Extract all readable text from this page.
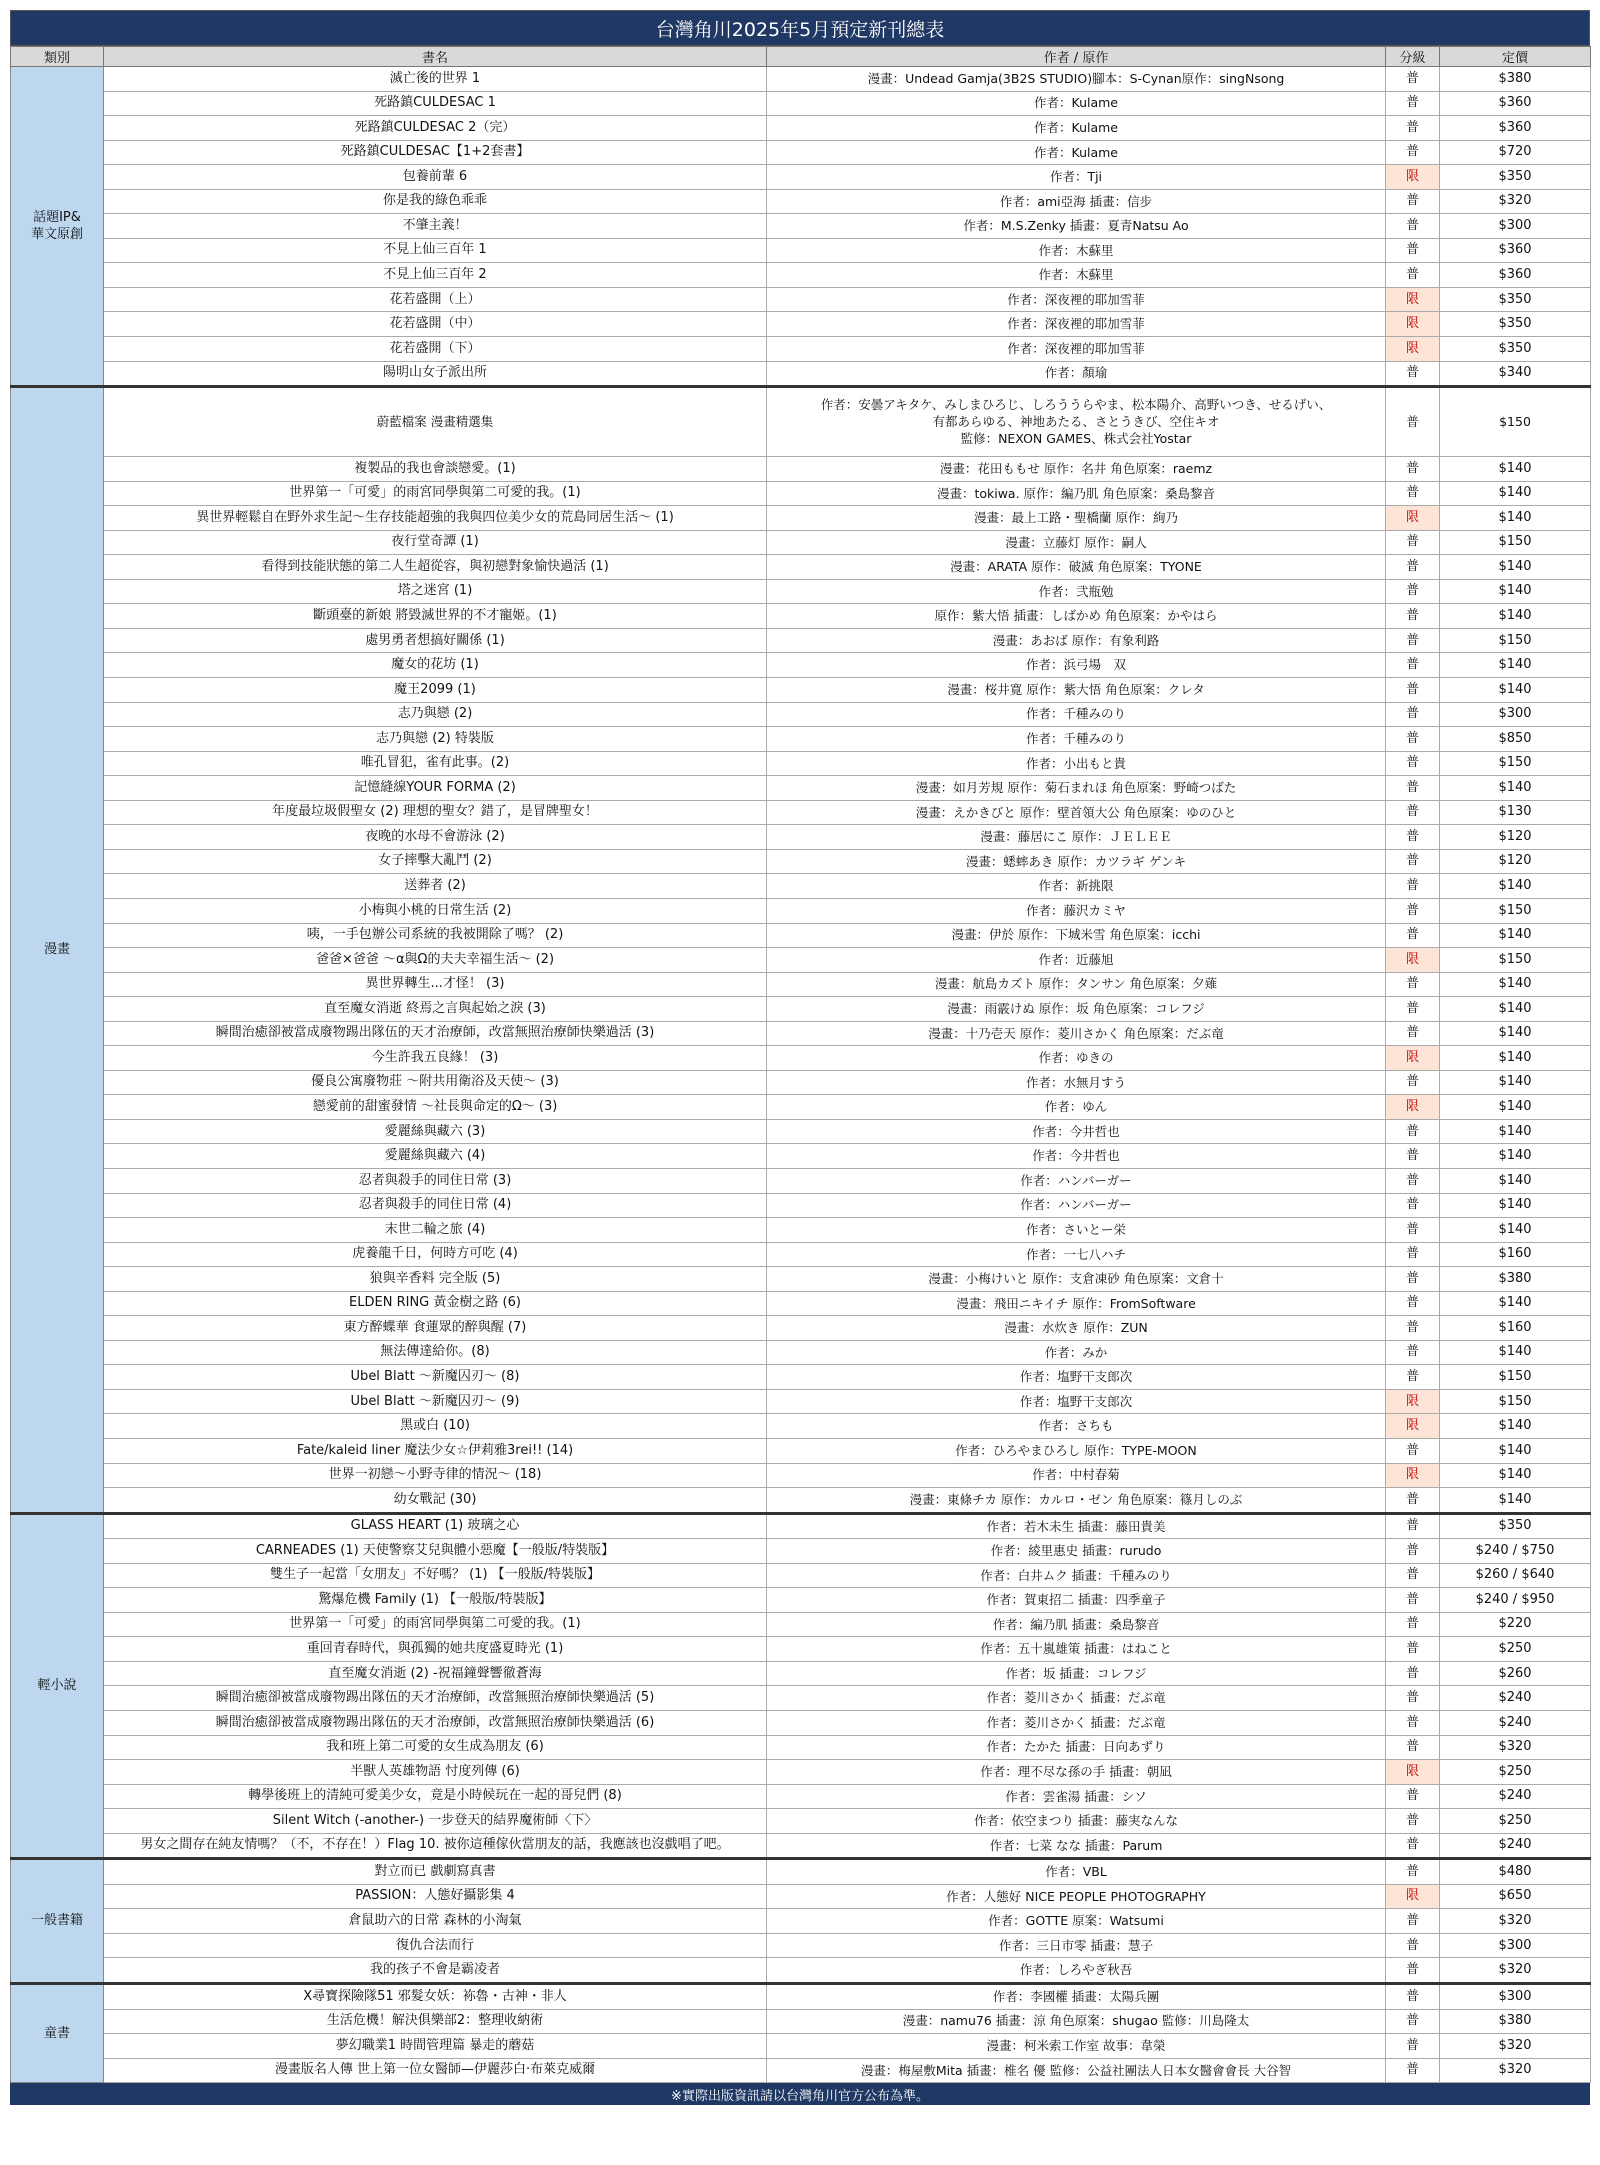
台灣角川2025年5月預定新刊總表
類別	書名	作者 / 原作	分級	定價
話題IP&
華文原創	滅亡後的世界 1	漫畫：Undead Gamja(3B2S STUDIO)腳本：S-Cynan原作：singNsong	普	$380
	死路鎮CULDESAC 1	作者：Kulame	普	$360
	死路鎮CULDESAC 2（完）	作者：Kulame	普	$360
	死路鎮CULDESAC【1+2套書】	作者：Kulame	普	$720
	包養前輩 6	作者：Tji	限	$350
	你是我的綠色乖乖	作者：ami亞海 插畫：信步	普	$320
	不肇主義！	作者：M.S.Zenky 插畫：夏青Natsu Ao	普	$300
	不見上仙三百年 1	作者：木蘇里	普	$360
	不見上仙三百年 2	作者：木蘇里	普	$360
	花若盛開（上）	作者：深夜裡的耶加雪菲	限	$350
	花若盛開（中）	作者：深夜裡的耶加雪菲	限	$350
	花若盛開（下）	作者：深夜裡的耶加雪菲	限	$350
	陽明山女子派出所	作者：顏瑜	普	$340
漫畫	蔚藍檔案 漫畫精選集	作者：安曇アキタケ、みしまひろじ、しろううらやま、松本陽介、高野いつき、せるげい、
有都あらゆる、神地あたる、さとうきび、空住キオ
監修：NEXON GAMES、株式会社Yostar	普	$150
	複製品的我也會談戀愛。(1)	漫畫：花田ももせ 原作：名井 角色原案：raemz	普	$140
	世界第一「可愛」的雨宮同學與第二可愛的我。(1)	漫畫：tokiwa. 原作：編乃肌 角色原案：桑島黎音	普	$140
	異世界輕鬆自在野外求生記～生存技能超強的我與四位美少女的荒島同居生活～ (1)	漫畫：最上工路・聖橋蘭 原作：絢乃	限	$140
	夜行堂奇譚 (1)	漫畫：立藤灯 原作：嗣人	普	$150
	看得到技能狀態的第二人生超從容，與初戀對象愉快過活 (1)	漫畫：ARATA 原作：破滅 角色原案：TYONE	普	$140
	塔之迷宮 (1)	作者：弐瓶勉	普	$140
	斷頭臺的新娘 將毀滅世界的不才寵姬。(1)	原作：紫大悟 插畫：しばかめ 角色原案：かやはら	普	$140
	處男勇者想搞好關係 (1)	漫畫：あおば 原作：有象利路	普	$150
	魔女的花坊 (1)	作者：浜弓場　双	普	$140
	魔王2099 (1)	漫畫：桜井寛 原作：紫大悟 角色原案：クレタ	普	$140
	志乃與戀 (2)	作者：千種みのり	普	$300
	志乃與戀 (2) 特裝版	作者：千種みのり	普	$850
	唯孔冒犯，雀有此事。(2)	作者：小出もと貴	普	$150
	記憶縫線YOUR FORMA (2)	漫畫：如月芳規 原作：菊石まれほ 角色原案：野崎つばた	普	$140
	年度最垃圾假聖女 (2) 理想的聖女？錯了，是冒牌聖女！	漫畫：えかきびと 原作：壁首領大公 角色原案：ゆのひと	普	$130
	夜晚的水母不會游泳 (2)	漫畫：藤居にこ 原作：ＪＥＬＥＥ	普	$120
	女子摔擊大亂鬥 (2)	漫畫：蟋蟀あき 原作：カツラギ ゲンキ	普	$120
	送葬者 (2)	作者：新挑限	普	$140
	小梅與小桃的日常生活 (2)	作者：藤沢カミヤ	普	$150
	咦，一手包辦公司系統的我被開除了嗎？ (2)	漫畫：伊於 原作：下城米雪 角色原案：icchi	普	$140
	爸爸×爸爸 ～α與Ω的夫夫幸福生活～ (2)	作者：近藤旭	限	$150
	異世界轉生...才怪！ (3)	漫畫：航島カズト 原作：タンサン 角色原案：夕薙	普	$140
	直至魔女消逝 終焉之言與起始之淚 (3)	漫畫：雨霰けぬ 原作：坂 角色原案：コレフジ	普	$140
	瞬間治癒卻被當成廢物踢出隊伍的天才治療師，改當無照治療師快樂過活 (3)	漫畫：十乃壱天 原作：菱川さかく 角色原案：だぶ竜	普	$140
	今生許我五良緣！ (3)	作者：ゆきの	限	$140
	優良公寓廢物莊 ～附共用衛浴及天使～ (3)	作者：水無月すう	普	$140
	戀愛前的甜蜜發情 ～社長與命定的Ω～ (3)	作者：ゆん	限	$140
	愛麗絲與藏六 (3)	作者：今井哲也	普	$140
	愛麗絲與藏六 (4)	作者：今井哲也	普	$140
	忍者與殺手的同住日常 (3)	作者：ハンバーガー	普	$140
	忍者與殺手的同住日常 (4)	作者：ハンバーガー	普	$140
	末世二輪之旅 (4)	作者：さいとー栄	普	$140
	虎養龍千日，何時方可吃 (4)	作者：一七八ハチ	普	$160
	狼與辛香料 完全版 (5)	漫畫：小梅けいと 原作：支倉凍砂 角色原案：文倉十	普	$380
	ELDEN RING 黃金樹之路 (6)	漫畫：飛田ニキイチ 原作：FromSoftware	普	$140
	東方醉蝶華 食蓮眾的醉與醒 (7)	漫畫：水炊き 原作：ZUN	普	$160
	無法傳達給你。(8)	作者：みか	普	$140
	Ubel Blatt ～新魔囚刃～ (8)	作者：塩野干支郎次	普	$150
	Ubel Blatt ～新魔囚刃～ (9)	作者：塩野干支郎次	限	$150
	黑或白 (10)	作者：さちも	限	$140
	Fate/kaleid liner 魔法少女☆伊莉雅3rei!! (14)	作者：ひろやまひろし 原作：TYPE-MOON	普	$140
	世界一初戀～小野寺律的情況～ (18)	作者：中村春菊	限	$140
	幼女戰記 (30)	漫畫：東條チカ 原作：カルロ・ゼン 角色原案：篠月しのぶ	普	$140
輕小說	GLASS HEART (1) 玻璃之心	作者：若木未生 插畫：藤田貴美	普	$350
	CARNEADES (1) 天使警察艾兒與體小惡魔【一般版/特裝版】	作者：綾里惠史 插畫：rurudo	普	$240 / $750
	雙生子一起當「女朋友」不好嗎？ (1) 【一般版/特裝版】	作者：白井ムク 插畫：千種みのり	普	$260 / $640
	驚爆危機 Family (1) 【一般版/特裝版】	作者：賀東招二 插畫：四季童子	普	$240 / $950
	世界第一「可愛」的雨宮同學與第二可愛的我。(1)	作者：編乃肌 插畫：桑島黎音	普	$220
	重回青春時代，與孤獨的她共度盛夏時光 (1)	作者：五十嵐雄策 插畫：はねこと	普	$250
	直至魔女消逝 (2) -祝福鐘聲響徹蒼海	作者：坂 插畫：コレフジ	普	$260
	瞬間治癒卻被當成廢物踢出隊伍的天才治療師，改當無照治療師快樂過活 (5)	作者：菱川さかく 插畫：だぶ竜	普	$240
	瞬間治癒卻被當成廢物踢出隊伍的天才治療師，改當無照治療師快樂過活 (6)	作者：菱川さかく 插畫：だぶ竜	普	$240
	我和班上第二可愛的女生成為朋友 (6)	作者：たかた 插畫：日向あずり	普	$320
	半獸人英雄物語 忖度列傳 (6)	作者：理不尽な孫の手 插畫：朝凪	限	$250
	轉學後班上的清純可愛美少女，竟是小時候玩在一起的哥兒們 (8)	作者：雲雀湯 插畫：シソ	普	$240
	Silent Witch (-another-) 一步登天的結界魔術師〈下〉	作者：依空まつり 插畫：藤実なんな	普	$250
	男女之間存在純友情嗎？（不，不存在！）Flag 10. 被你這種傢伙當朋友的話，我應該也沒戲唱了吧。	作者：七菜 なな 插畫：Parum	普	$240
一般書籍	對立而已 戲劇寫真書	作者：VBL	普	$480
	PASSION：人態好攝影集 4	作者：人態好 NICE PEOPLE PHOTOGRAPHY	限	$650
	倉鼠助六的日常 森林的小淘氣	作者：GOTTE 原案：Watsumi	普	$320
	復仇合法而行	作者：三日市零 插畫：慧子	普	$300
	我的孩子不會是霸凌者	作者：しろやぎ秋吾	普	$320
童書	X尋寶探險隊51 邪髮女妖：袮魯・古神・非人	作者：李國權 插畫：太陽兵團	普	$300
	生活危機！解決俱樂部2：整理收納術	漫畫：namu76 插畫：涼 角色原案：shugao 監修：川島隆太	普	$380
	夢幻職業1 時間管理篇 暴走的蘑菇	漫畫：柯米索工作室 故事：韋榮	普	$320
	漫畫版名人傳 世上第一位女醫師—伊麗莎白·布萊克威爾	漫畫：梅屋敷Mita 插畫：椎名 優 監修：公益社團法人日本女醫會會長 大谷智	普	$320
※實際出版資訊請以台灣角川官方公布為準。
